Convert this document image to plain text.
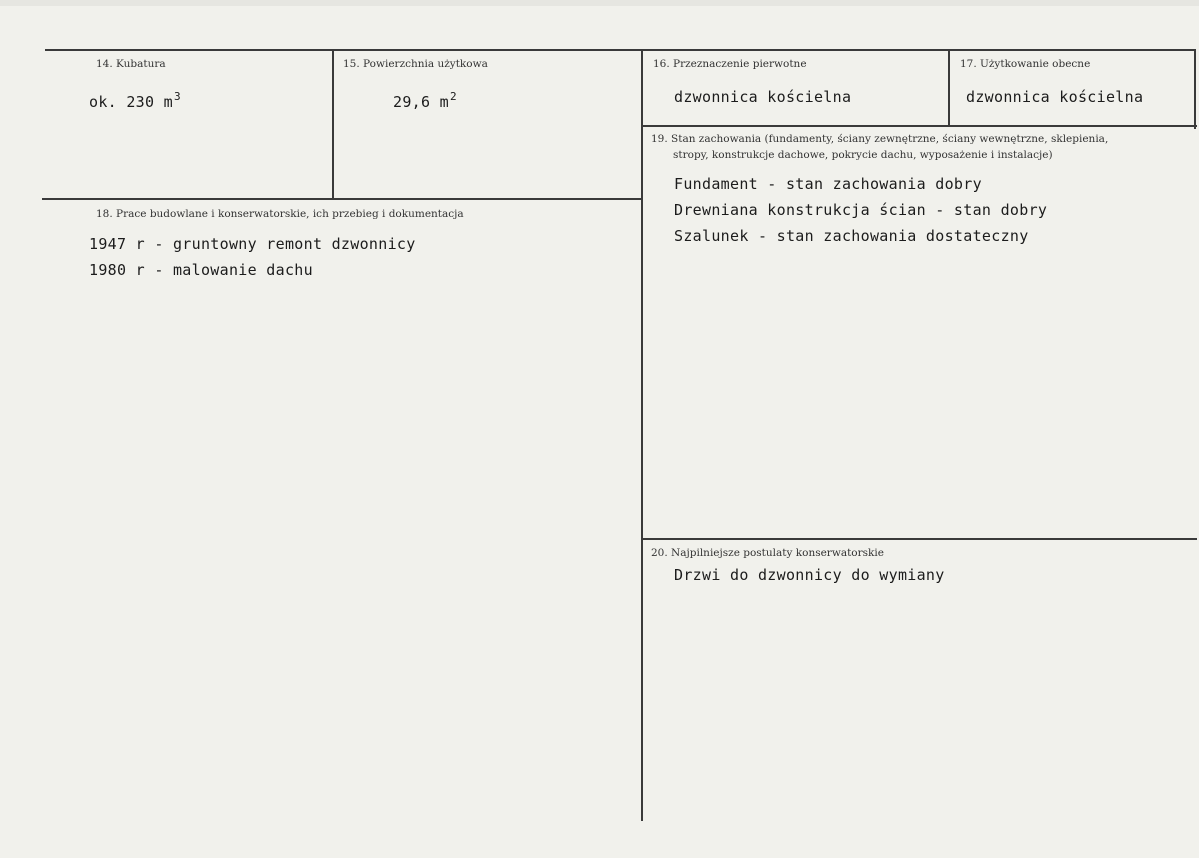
14. Kubatura
ok. 230 $m^3$
15. Powierzchnia użytkowa
29,6 $m^2$
16. Przeznaczenie pierwotne
dzwonnica kościelna
17. Użytkowanie obecne
dzwonnica kościelna
18. Prace budowlane i konserwatorskie, ich przebieg i dokumentacja
1947 r - gruntowny remont dzwonnicy
1980 r - malowanie dachu
19. Stan zachowania (fundamenty, ściany zewnętrzne, ściany wewnętrzne, sklepienia,
stropy, konstrukcje dachowe, pokrycie dachu, wyposażenie i instalacje)
Fundament - stan zachowania dobry
Drewniana konstrukcja ścian - stan dobry
Szalunek - stan zachowania dostateczny
20. Najpilniejsze postulaty konserwatorskie
Drzwi do dzwonnicy do wymiany
